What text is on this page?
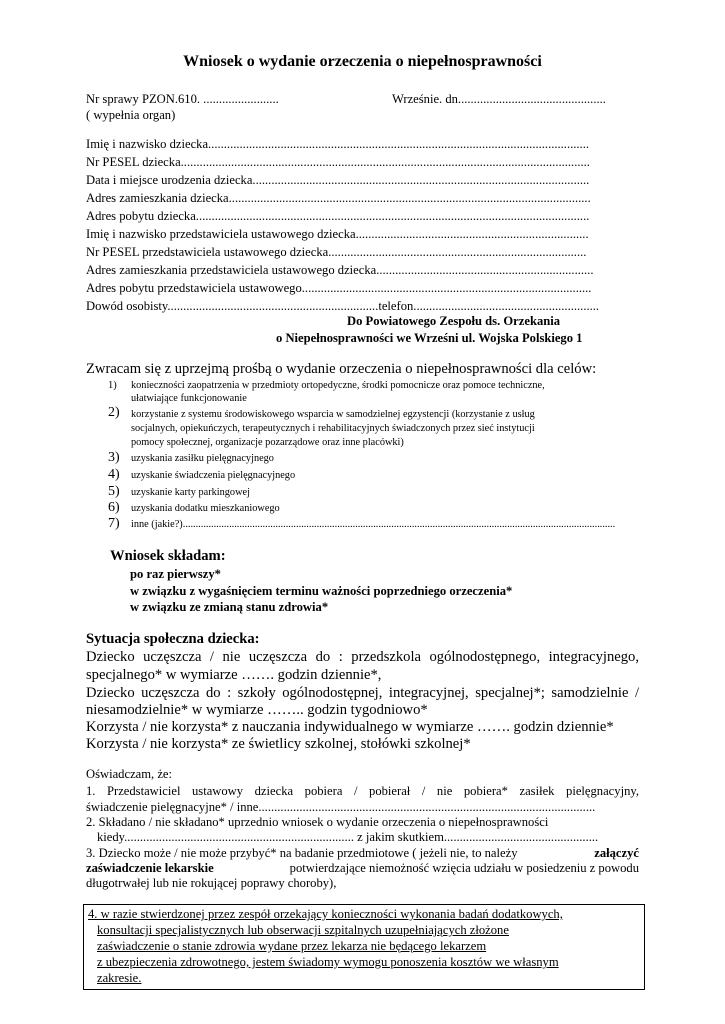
Wniosek o wydanie orzeczenia o niepełnosprawności
Nr sprawy PZON.610. ........................	Wrześnie. dn...............................................
( wypełnia organ)
Imię i nazwisko dziecka.........................................................................................................................
Nr PESEL dziecka..................................................................................................................................
Data i miejsce urodzenia dziecka...........................................................................................................
Adres zamieszkania dziecka...................................................................................................................
Adres pobytu dziecka.............................................................................................................................
Imię i nazwisko przedstawiciela ustawowego dziecka..........................................................................
Nr PESEL przedstawiciela ustawowego dziecka..................................................................................
Adres zamieszkania przedstawiciela ustawowego dziecka.....................................................................
Adres pobytu przedstawiciela ustawowego............................................................................................
Dowód osobisty...................................................................telefon...........................................................
Do Powiatowego Zespołu ds. Orzekania
o Niepełnosprawności we Wrześni ul. Wojska Polskiego 1
Zwracam się z uprzejmą prośbą o wydanie orzeczenia o niepełnosprawności dla celów:
1) konieczności zaopatrzenia w przedmioty ortopedyczne, środki pomocnicze oraz pomoce techniczne,
ułatwiające funkcjonowanie
2) korzystanie z systemu środowiskowego wsparcia w samodzielnej egzystencji (korzystanie z usług
socjalnych, opiekuńczych, terapeutycznych i rehabilitacyjnych świadczonych przez sieć instytucji
pomocy społecznej, organizacje pozarządowe oraz inne placówki)
3) uzyskania zasiłku pielęgnacyjnego
4) uzyskanie świadczenia pielęgnacyjnego
5) uzyskanie karty parkingowej
6) uzyskania dodatku mieszkaniowego
7) inne (jakie?)........................................................................................................................................................................
Wniosek składam:
po raz pierwszy*
w związku z wygaśnięciem terminu ważności poprzedniego orzeczenia*
w związku ze zmianą stanu zdrowia*
Sytuacja społeczna dziecka:
Dziecko uczęszcza / nie uczęszcza do : przedszkola ogólnodostępnego, integracyjnego,
specjalnego* w wymiarze ……. godzin dziennie*,
Dziecko uczęszcza do : szkoły ogólnodostępnej, integracyjnej, specjalnej*; samodzielnie /
niesamodzielnie* w wymiarze …….. godzin tygodniowo*
Korzysta / nie korzysta* z nauczania indywidualnego w wymiarze ……. godzin dziennie*
Korzysta / nie korzysta* ze świetlicy szkolnej, stołówki szkolnej*
Oświadczam, że:
1. Przedstawiciel ustawowy dziecka pobiera / pobierał / nie pobiera* zasiłek pielęgnacyjny,
świadczenie pielęgnacyjne* / inne...........................................................................................................
2. Składano / nie składano* uprzednio wniosek o wydanie orzeczenia o niepełnosprawności
kiedy......................................................................... z jakim skutkiem.................................................
3. Dziecko może / nie może przybyć* na badanie przedmiotowe ( jeżeli nie, to należy	załączyć
zaświadczenie lekarskie	potwierdzające niemożność wzięcia udziału w posiedzeniu z powodu
długotrwałej lub nie rokującej poprawy choroby),
4. w razie stwierdzonej przez zespół orzekający konieczności wykonania badań dodatkowych,
konsultacji specjalistycznych lub obserwacji szpitalnych uzupełniających złożone
zaświadczenie o stanie zdrowia wydane przez lekarza nie będącego lekarzem
z ubezpieczenia zdrowotnego, jestem świadomy wymogu ponoszenia kosztów we własnym
zakresie.
